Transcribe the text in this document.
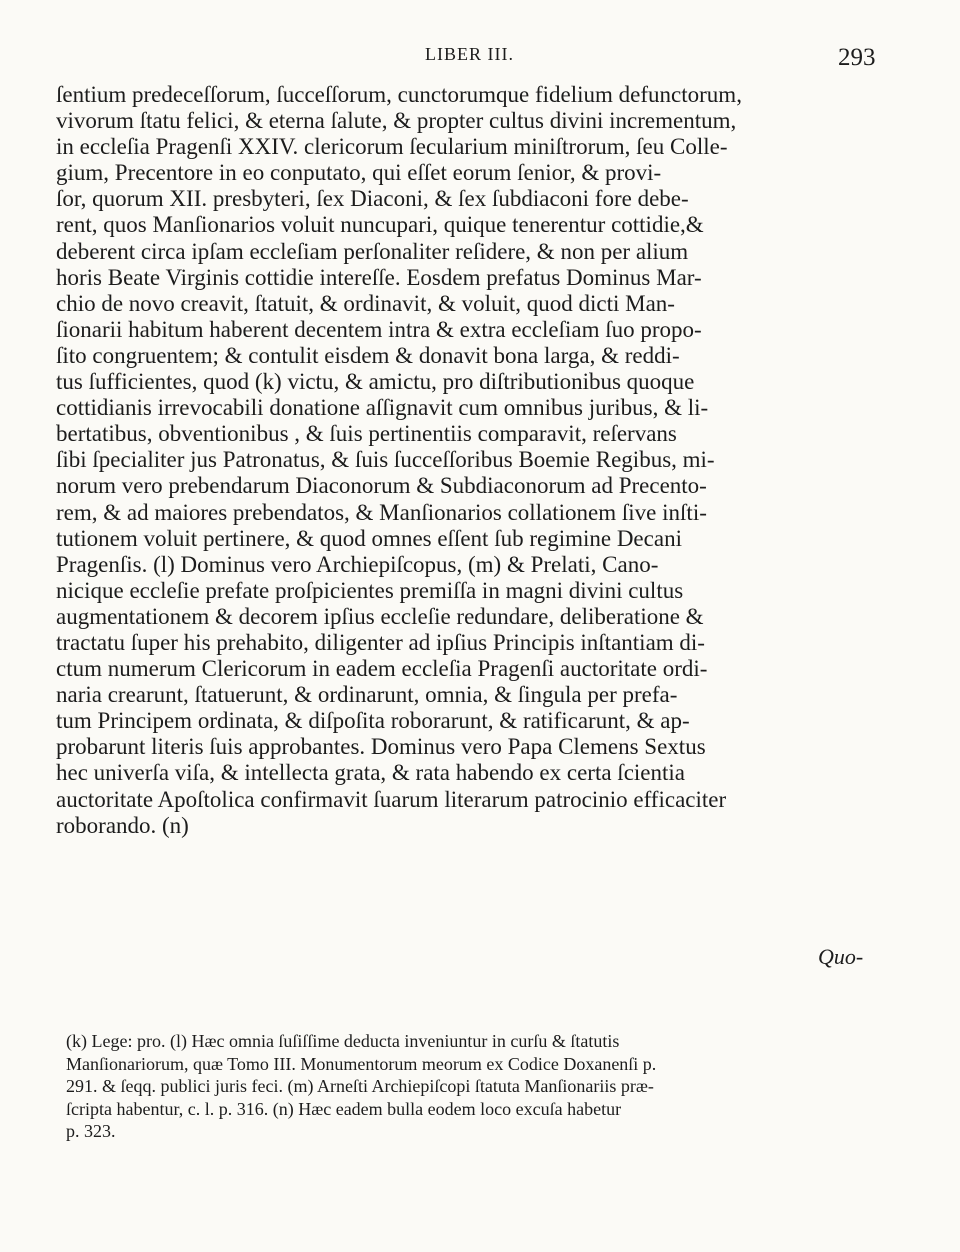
LIBER III.	293
ſentium predeceſſorum, ſucceſſorum, cunctorumque fidelium defunctorum,
vivorum ſtatu felici, & eterna ſalute, & propter cultus divini incrementum,
in eccleſia Pragenſi XXIV. clericorum ſecularium miniſtrorum, ſeu Colle-
gium, Precentore in eo conputato, qui eſſet eorum ſenior, & provi-
ſor, quorum XII. presbyteri, ſex Diaconi, & ſex ſubdiaconi fore debe-
rent, quos Manſionarios voluit nuncupari, quique tenerentur cottidie,&
deberent circa ipſam eccleſiam perſonaliter reſidere, & non per alium
horis Beate Virginis cottidie intereſſe. Eosdem prefatus Dominus Mar-
chio de novo creavit, ſtatuit, & ordinavit, & voluit, quod dicti Man-
ſionarii habitum haberent decentem intra & extra eccleſiam ſuo propo-
ſito congruentem; & contulit eisdem & donavit bona larga, & reddi-
tus ſufficientes, quod (k) victu, & amictu, pro diſtributionibus quoque
cottidianis irrevocabili donatione aſſignavit cum omnibus juribus, & li-
bertatibus, obventionibus , & ſuis pertinentiis comparavit, reſervans
ſibi ſpecialiter jus Patronatus, & ſuis ſucceſſoribus Boemie Regibus, mi-
norum vero prebendarum Diaconorum & Subdiaconorum ad Precento-
rem, & ad maiores prebendatos, & Manſionarios collationem ſive inſti-
tutionem voluit pertinere, & quod omnes eſſent ſub regimine Decani
Pragenſis. (l) Dominus vero Archiepiſcopus, (m) & Prelati, Cano-
nicique eccleſie prefate proſpicientes premiſſa in magni divini cultus
augmentationem & decorem ipſius eccleſie redundare, deliberatione &
tractatu ſuper his prehabito, diligenter ad ipſius Principis inſtantiam di-
ctum numerum Clericorum in eadem eccleſia Pragenſi auctoritate ordi-
naria crearunt, ſtatuerunt, & ordinarunt, omnia, & ſingula per prefa-
tum Principem ordinata, & diſpoſita roborarunt, & ratificarunt, & ap-
probarunt literis ſuis approbantes. Dominus vero Papa Clemens Sextus
hec univerſa viſa, & intellecta grata, & rata habendo ex certa ſcientia
auctoritate Apoſtolica confirmavit ſuarum literarum patrocinio efficaciter
roborando. (n)
Quo-
(k) Lege: pro. (l) Hæc omnia ſuſiſſime deducta inveniuntur in curſu & ſtatutis
Manſionariorum, quæ Tomo III. Monumentorum meorum ex Codice Doxanenſi p.
291. & ſeqq. publici juris feci. (m) Arneſti Archiepiſcopi ſtatuta Manſionariis præ-
ſcripta habentur, c. l. p. 316. (n) Hæc eadem bulla eodem loco excuſa habetur
p. 323.
